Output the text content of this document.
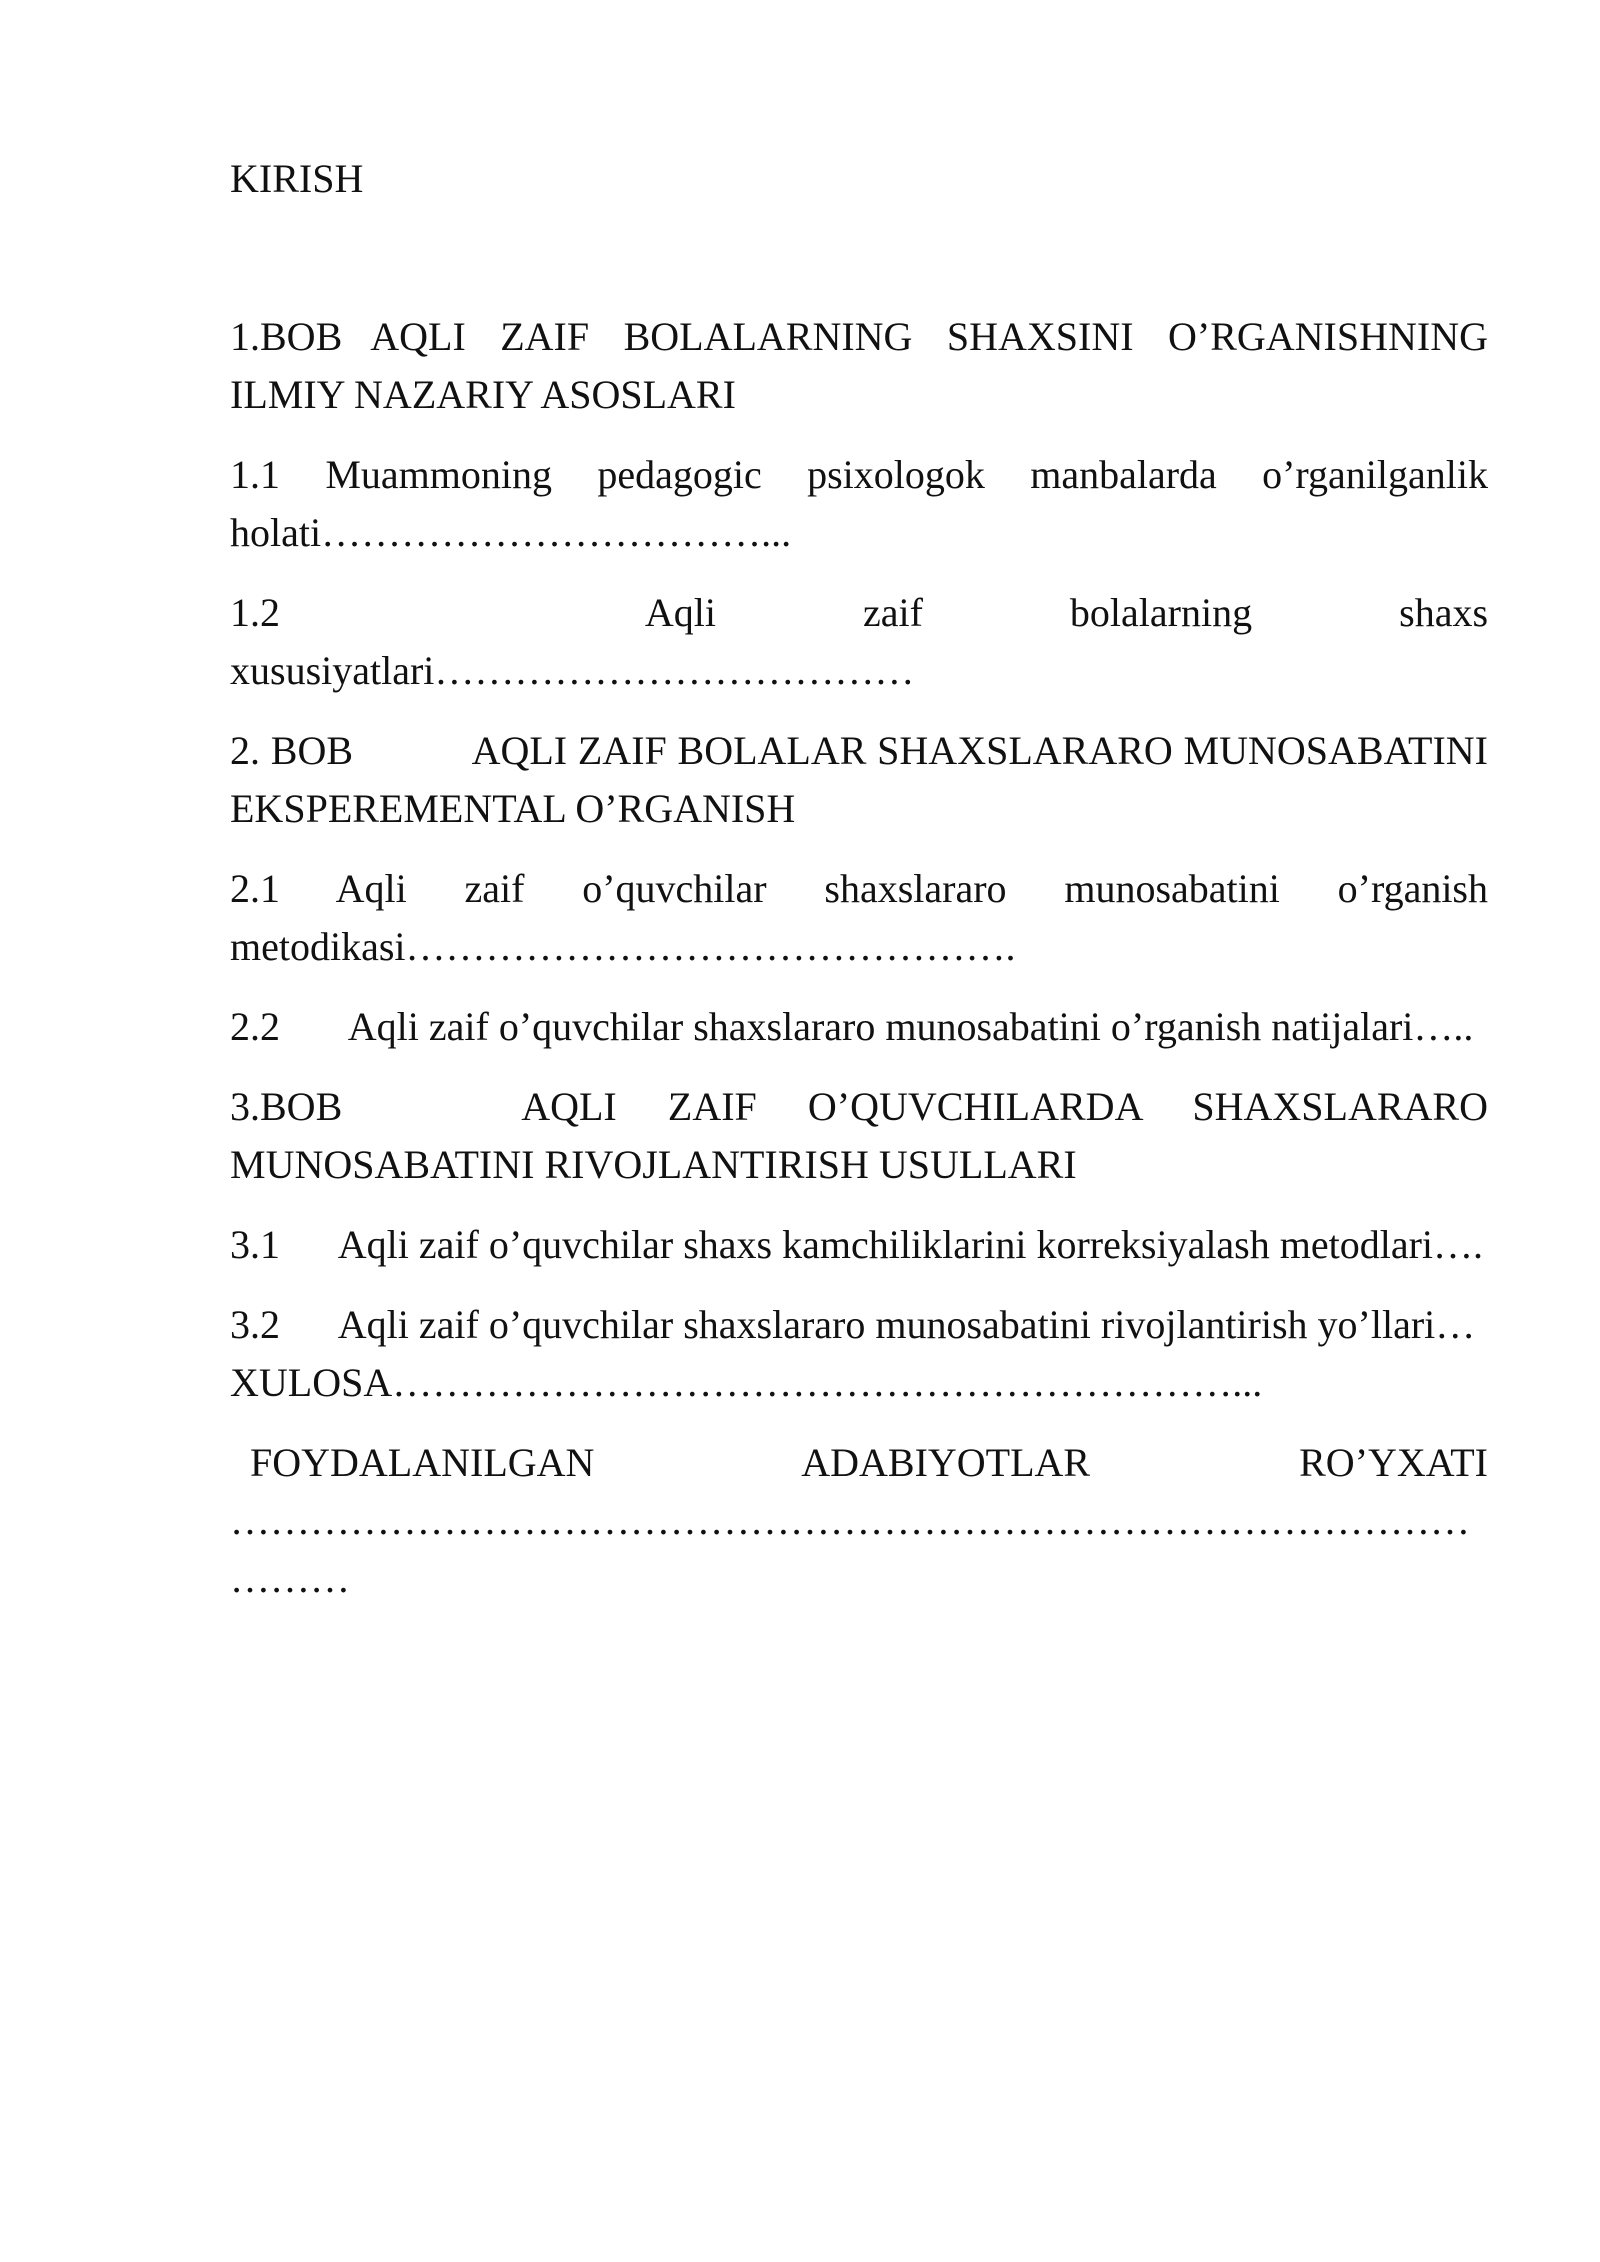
KIRISH

1.BOB AQLI ZAIF BOLALARNING SHAXSINI O’RGANISHNING ILMIY NAZARIY ASOSLARI

1.1 Muammoning pedagogic psixologok manbalarda o’rganilganlik holati……………………………...

1.2	Aqli zaif bolalarning shaxs xususiyatlari………………………………

2. BOB	AQLI ZAIF BOLALAR SHAXSLARARO MUNOSABATINI EKSPEREMENTAL O’RGANISH

2.1 Aqli zaif o’quvchilar shaxslararo munosabatini o’rganish metodikasi……………………………………….

2.2 Aqli zaif o’quvchilar shaxslararo munosabatini o’rganish natijalari…..

3.BOB	AQLI ZAIF O’QUVCHILARDA SHAXSLARARO MUNOSABATINI RIVOJLANTIRISH USULLARI

3.1 Aqli zaif o’quvchilar shaxs kamchiliklarini korreksiyalash metodlari….

3.2 Aqli zaif o’quvchilar shaxslararo munosabatini rivojlantirish yo’llari…

XULOSA………………………………………………………...

FOYDALANILGAN	ADABIYOTLAR	RO’YXATI

…………………………………………………………………………………

………
